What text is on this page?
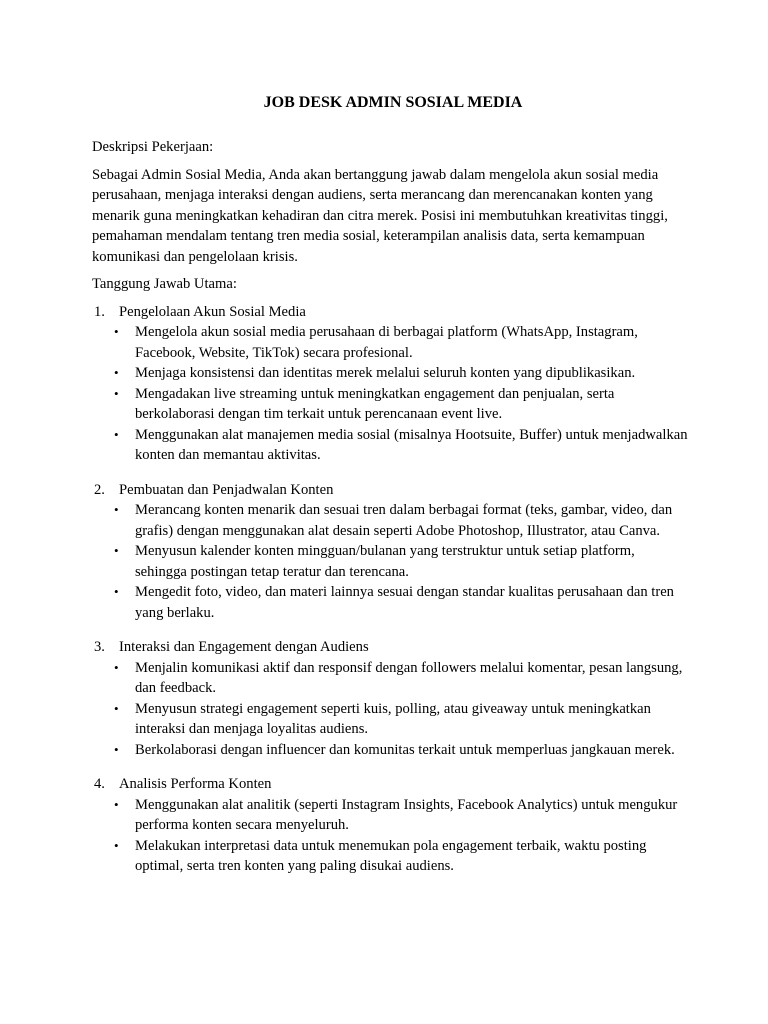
JOB DESK ADMIN SOSIAL MEDIA

Deskripsi Pekerjaan:

Sebagai Admin Sosial Media, Anda akan bertanggung jawab dalam mengelola akun sosial media perusahaan, menjaga interaksi dengan audiens, serta merancang dan merencanakan konten yang menarik guna meningkatkan kehadiran dan citra merek. Posisi ini membutuhkan kreativitas tinggi, pemahaman mendalam tentang tren media sosial, keterampilan analisis data, serta kemampuan komunikasi dan pengelolaan krisis.

Tanggung Jawab Utama:

1. Pengelolaan Akun Sosial Media
•	Mengelola akun sosial media perusahaan di berbagai platform (WhatsApp, Instagram, Facebook, Website, TikTok) secara profesional.
•	Menjaga konsistensi dan identitas merek melalui seluruh konten yang dipublikasikan.
•	Mengadakan live streaming untuk meningkatkan engagement dan penjualan, serta berkolaborasi dengan tim terkait untuk perencanaan event live.
•	Menggunakan alat manajemen media sosial (misalnya Hootsuite, Buffer) untuk menjadwalkan konten dan memantau aktivitas.
2. Pembuatan dan Penjadwalan Konten
•	Merancang konten menarik dan sesuai tren dalam berbagai format (teks, gambar, video, dan grafis) dengan menggunakan alat desain seperti Adobe Photoshop, Illustrator, atau Canva.
•	Menyusun kalender konten mingguan/bulanan yang terstruktur untuk setiap platform, sehingga postingan tetap teratur dan terencana.
•	Mengedit foto, video, dan materi lainnya sesuai dengan standar kualitas perusahaan dan tren yang berlaku.
3. Interaksi dan Engagement dengan Audiens
•	Menjalin komunikasi aktif dan responsif dengan followers melalui komentar, pesan langsung, dan feedback.
•	Menyusun strategi engagement seperti kuis, polling, atau giveaway untuk meningkatkan interaksi dan menjaga loyalitas audiens.
•	Berkolaborasi dengan influencer dan komunitas terkait untuk memperluas jangkauan merek.
4. Analisis Performa Konten
•	Menggunakan alat analitik (seperti Instagram Insights, Facebook Analytics) untuk mengukur performa konten secara menyeluruh.
•	Melakukan interpretasi data untuk menemukan pola engagement terbaik, waktu posting optimal, serta tren konten yang paling disukai audiens.
